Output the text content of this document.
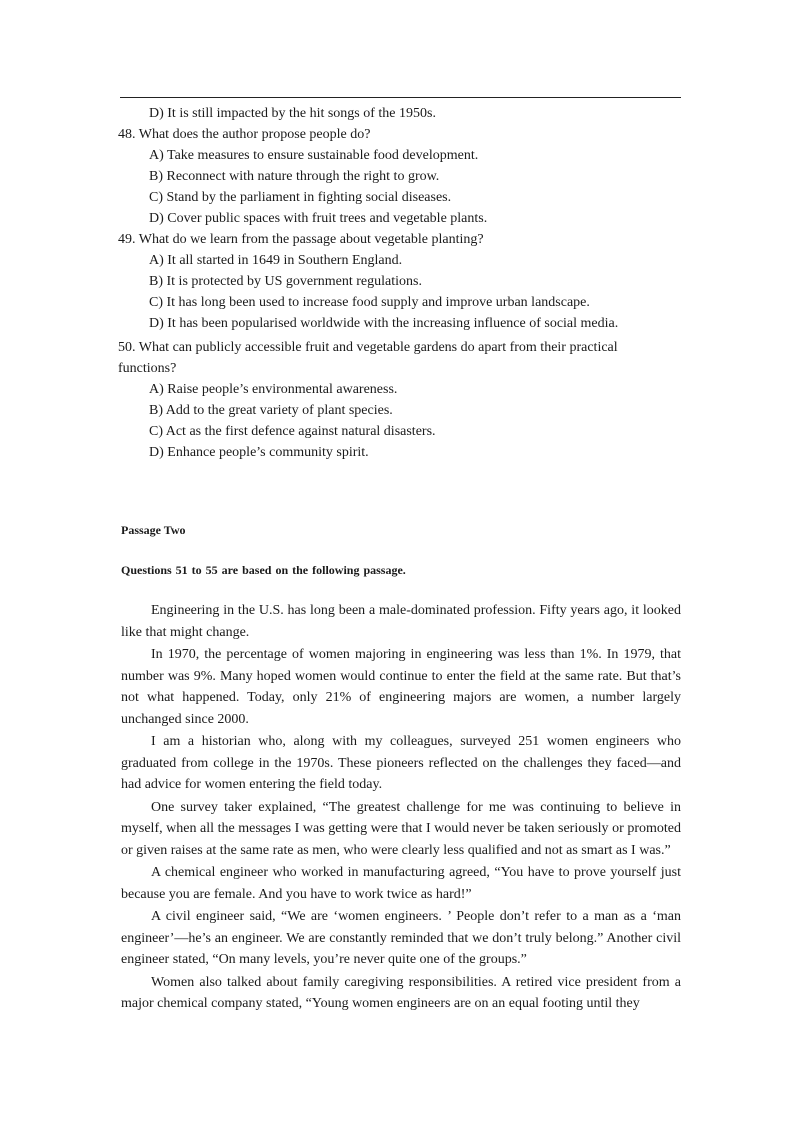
D) It is still impacted by the hit songs of the 1950s.
48. What does the author propose people do?
A) Take measures to ensure sustainable food development.
B) Reconnect with nature through the right to grow.
C) Stand by the parliament in fighting social diseases.
D) Cover public spaces with fruit trees and vegetable plants.
49. What do we learn from the passage about vegetable planting?
A) It all started in 1649 in Southern England.
B) It is protected by US government regulations.
C) It has long been used to increase food supply and improve urban landscape.
D) It has been popularised worldwide with the increasing influence of social media.
50. What can publicly accessible fruit and vegetable gardens do apart from their practical functions?
A) Raise people’s environmental awareness.
B) Add to the great variety of plant species.
C) Act as the first defence against natural disasters.
D) Enhance people’s community spirit.
Passage Two
Questions 51 to 55 are based on the following passage.

Engineering in the U.S. has long been a male-dominated profession. Fifty years ago, it looked like that might change.

In 1970, the percentage of women majoring in engineering was less than 1%. In 1979, that number was 9%. Many hoped women would continue to enter the field at the same rate. But that’s not what happened. Today, only 21% of engineering majors are women, a number largely unchanged since 2000.

I am a historian who, along with my colleagues, surveyed 251 women engineers who graduated from college in the 1970s. These pioneers reflected on the challenges they faced—and had advice for women entering the field today.

One survey taker explained, “The greatest challenge for me was continuing to believe in myself, when all the messages I was getting were that I would never be taken seriously or promoted or given raises at the same rate as men, who were clearly less qualified and not as smart as I was.”

A chemical engineer who worked in manufacturing agreed, “You have to prove yourself just because you are female. And you have to work twice as hard!”

A civil engineer said, “We are ‘women engineers. ’ People don’t refer to a man as a ‘man engineer’—he’s an engineer. We are constantly reminded that we don’t truly belong.” Another civil engineer stated, “On many levels, you’re never quite one of the groups.”

Women also talked about family caregiving responsibilities. A retired vice president from a major chemical company stated, “Young women engineers are on an equal footing until they
